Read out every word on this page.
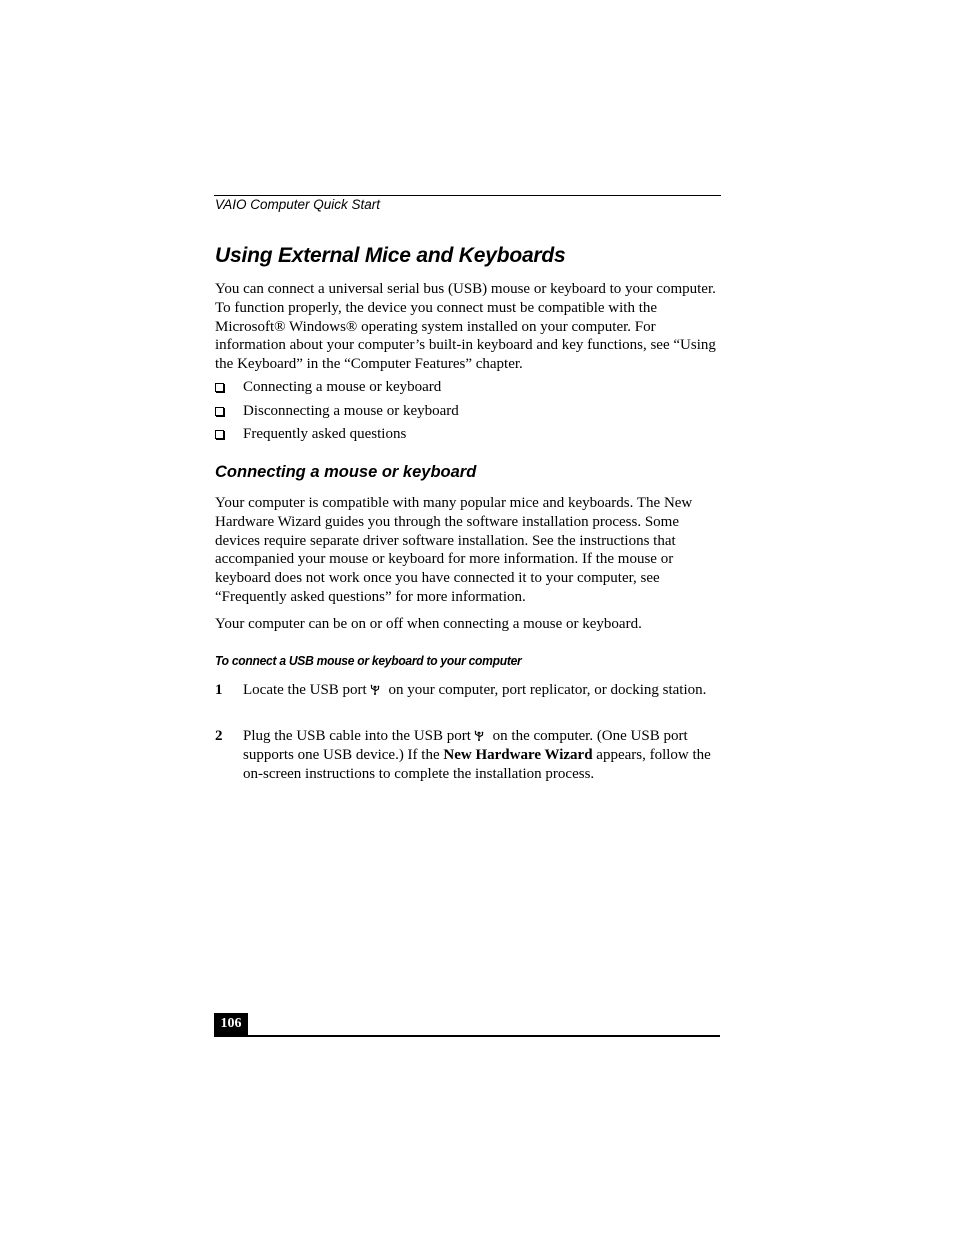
VAIO Computer Quick Start
Using External Mice and Keyboards
You can connect a universal serial bus (USB) mouse or keyboard to your computer. To function properly, the device you connect must be compatible with the Microsoft® Windows® operating system installed on your computer. For information about your computer’s built-in keyboard and key functions, see “Using the Keyboard” in the “Computer Features” chapter.
Connecting a mouse or keyboard
Disconnecting a mouse or keyboard
Frequently asked questions
Connecting a mouse or keyboard
Your computer is compatible with many popular mice and keyboards. The New Hardware Wizard guides you through the software installation process. Some devices require separate driver software installation. See the instructions that accompanied your mouse or keyboard for more information. If the mouse or keyboard does not work once you have connected it to your computer, see “Frequently asked questions” for more information.
Your computer can be on or off when connecting a mouse or keyboard.
To connect a USB mouse or keyboard to your computer
1 Locate the USB port on your computer, port replicator, or docking station.
2 Plug the USB cable into the USB port on the computer. (One USB port supports one USB device.) If the New Hardware Wizard appears, follow the on-screen instructions to complete the installation process.
106
